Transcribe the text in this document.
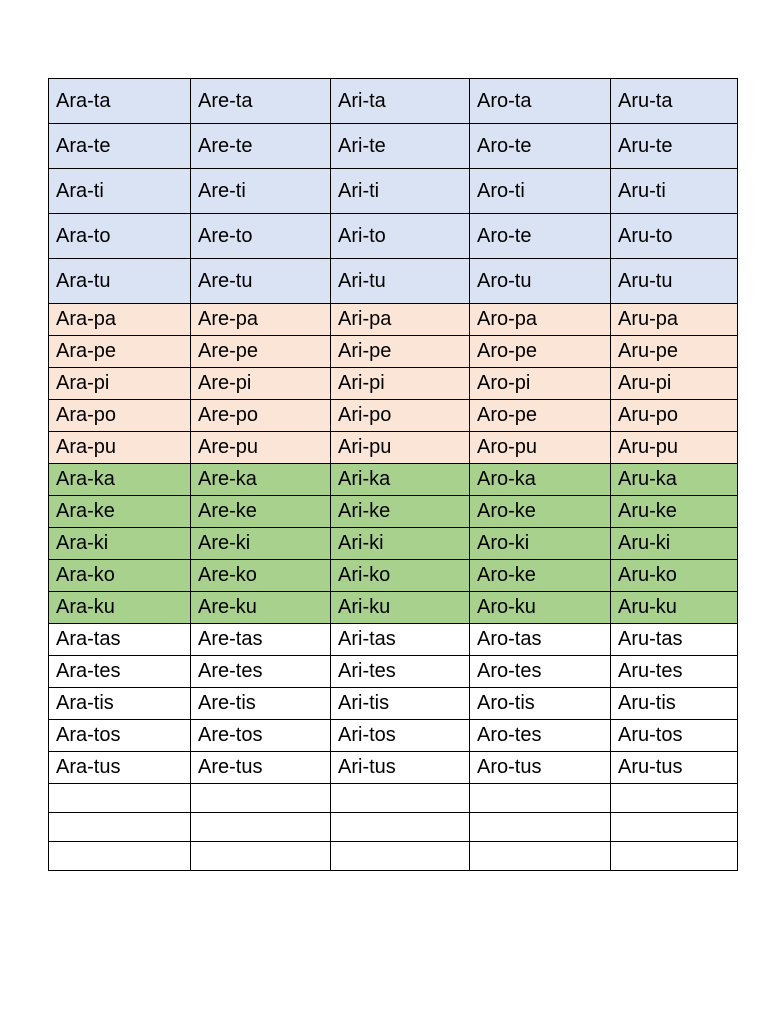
Ara-ta	Are-ta	Ari-ta	Aro-ta	Aru-ta
Ara-te	Are-te	Ari-te	Aro-te	Aru-te
Ara-ti	Are-ti	Ari-ti	Aro-ti	Aru-ti
Ara-to	Are-to	Ari-to	Aro-te	Aru-to
Ara-tu	Are-tu	Ari-tu	Aro-tu	Aru-tu
Ara-pa	Are-pa	Ari-pa	Aro-pa	Aru-pa
Ara-pe	Are-pe	Ari-pe	Aro-pe	Aru-pe
Ara-pi	Are-pi	Ari-pi	Aro-pi	Aru-pi
Ara-po	Are-po	Ari-po	Aro-pe	Aru-po
Ara-pu	Are-pu	Ari-pu	Aro-pu	Aru-pu
Ara-ka	Are-ka	Ari-ka	Aro-ka	Aru-ka
Ara-ke	Are-ke	Ari-ke	Aro-ke	Aru-ke
Ara-ki	Are-ki	Ari-ki	Aro-ki	Aru-ki
Ara-ko	Are-ko	Ari-ko	Aro-ke	Aru-ko
Ara-ku	Are-ku	Ari-ku	Aro-ku	Aru-ku
Ara-tas	Are-tas	Ari-tas	Aro-tas	Aru-tas
Ara-tes	Are-tes	Ari-tes	Aro-tes	Aru-tes
Ara-tis	Are-tis	Ari-tis	Aro-tis	Aru-tis
Ara-tos	Are-tos	Ari-tos	Aro-tes	Aru-tos
Ara-tus	Are-tus	Ari-tus	Aro-tus	Aru-tus
